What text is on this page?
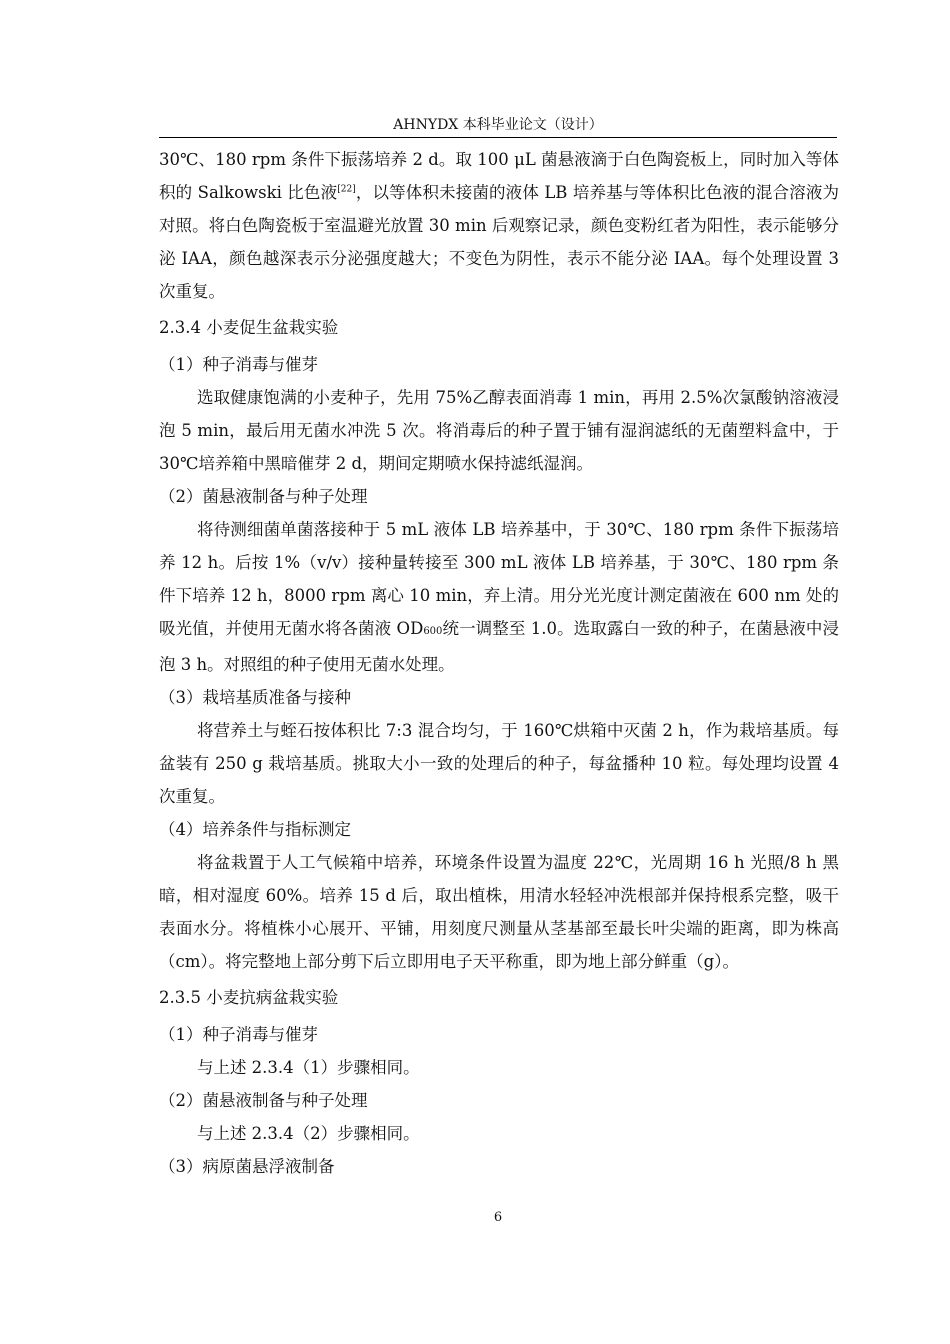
AHNYDX 本科毕业论文（设计）

30℃、180 rpm 条件下振荡培养 2 d。取 100 μL 菌悬液滴于白色陶瓷板上，同时加入等体积的 Salkowski 比色液[22]，以等体积未接菌的液体 LB 培养基与等体积比色液的混合溶液为对照。将白色陶瓷板于室温避光放置 30 min 后观察记录，颜色变粉红者为阳性，表示能够分泌 IAA，颜色越深表示分泌强度越大；不变色为阴性，表示不能分泌 IAA。每个处理设置 3 次重复。

2.3.4 小麦促生盆栽实验

（1）种子消毒与催芽

选取健康饱满的小麦种子，先用 75%乙醇表面消毒 1 min，再用 2.5%次氯酸钠溶液浸泡 5 min，最后用无菌水冲洗 5 次。将消毒后的种子置于铺有湿润滤纸的无菌塑料盒中，于 30℃培养箱中黑暗催芽 2 d，期间定期喷水保持滤纸湿润。

（2）菌悬液制备与种子处理

将待测细菌单菌落接种于 5 mL 液体 LB 培养基中，于 30℃、180 rpm 条件下振荡培养 12 h。后按 1%（v/v）接种量转接至 300 mL 液体 LB 培养基，于 30℃、180 rpm 条件下培养 12 h，8000 rpm 离心 10 min，弃上清。用分光光度计测定菌液在 600 nm 处的吸光值，并使用无菌水将各菌液 OD600统一调整至 1.0。选取露白一致的种子，在菌悬液中浸泡 3 h。对照组的种子使用无菌水处理。

（3）栽培基质准备与接种

将营养土与蛭石按体积比 7:3 混合均匀，于 160℃烘箱中灭菌 2 h，作为栽培基质。每盆装有 250 g 栽培基质。挑取大小一致的处理后的种子，每盆播种 10 粒。每处理均设置 4 次重复。

（4）培养条件与指标测定

将盆栽置于人工气候箱中培养，环境条件设置为温度 22℃，光周期 16 h 光照/8 h 黑暗，相对湿度 60%。培养 15 d 后，取出植株，用清水轻轻冲洗根部并保持根系完整，吸干表面水分。将植株小心展开、平铺，用刻度尺测量从茎基部至最长叶尖端的距离，即为株高（cm）。将完整地上部分剪下后立即用电子天平称重，即为地上部分鲜重（g）。

2.3.5 小麦抗病盆栽实验

（1）种子消毒与催芽

与上述 2.3.4（1）步骤相同。

（2）菌悬液制备与种子处理

与上述 2.3.4（2）步骤相同。

（3）病原菌悬浮液制备

6
